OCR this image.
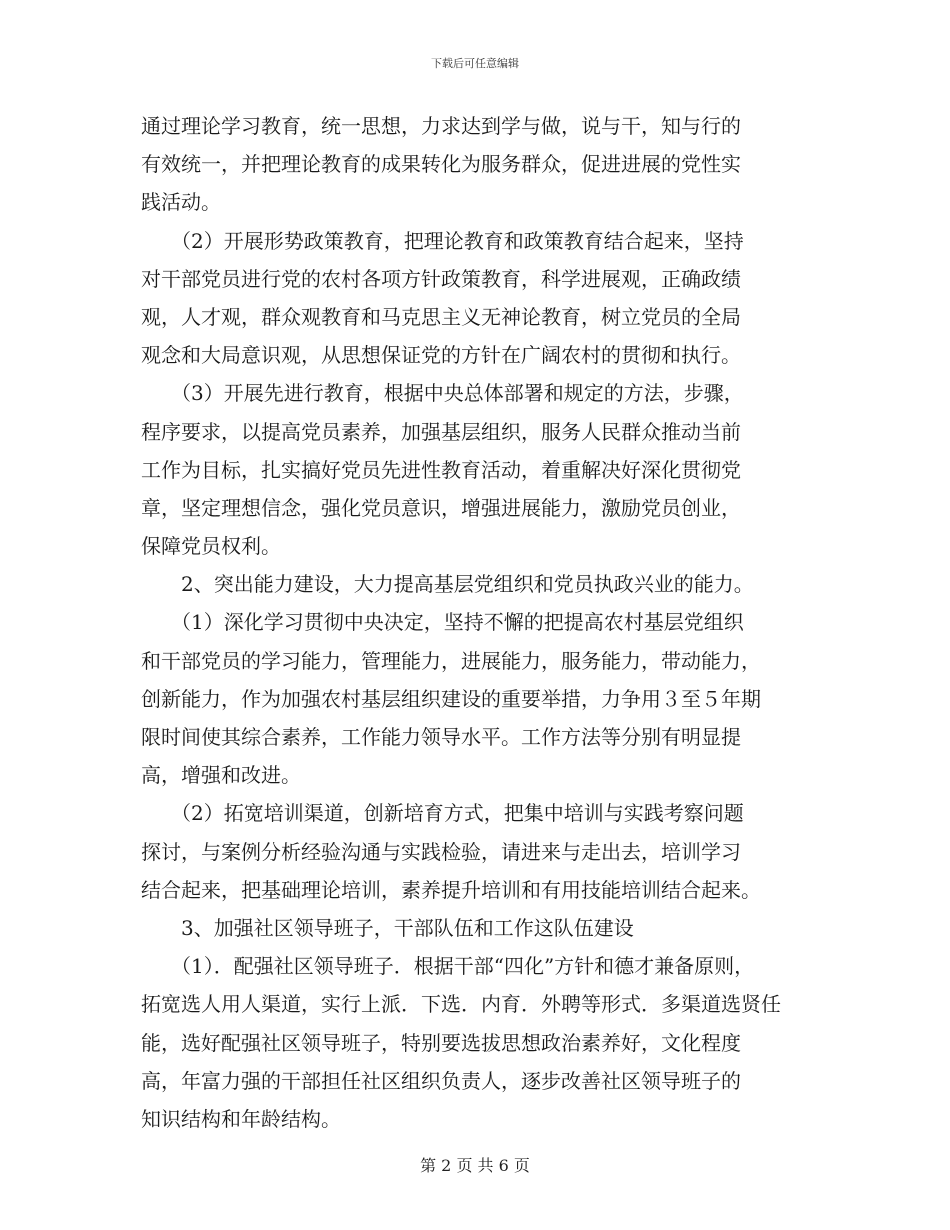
下载后可任意编辑
通过理论学习教育，统一思想，力求达到学与做，说与干，知与行的
有效统一，并把理论教育的成果转化为服务群众，促进进展的党性实
践活动。
　　（2）开展形势政策教育，把理论教育和政策教育结合起来，坚持
对干部党员进行党的农村各项方针政策教育，科学进展观，正确政绩
观，人才观，群众观教育和马克思主义无神论教育，树立党员的全局
观念和大局意识观，从思想保证党的方针在广阔农村的贯彻和执行。
　　（3）开展先进行教育，根据中央总体部署和规定的方法，步骤，
程序要求，以提高党员素养，加强基层组织，服务人民群众推动当前
工作为目标，扎实搞好党员先进性教育活动，着重解决好深化贯彻党
章，坚定理想信念，强化党员意识，增强进展能力，激励党员创业，
保障党员权利。
　　2、突出能力建设，大力提高基层党组织和党员执政兴业的能力。
　　（1）深化学习贯彻中央决定，坚持不懈的把提高农村基层党组织
和干部党员的学习能力，管理能力，进展能力，服务能力，带动能力，
创新能力，作为加强农村基层组织建设的重要举措，力争用３至５年期
限时间使其综合素养，工作能力领导水平。工作方法等分别有明显提
高，增强和改进。
　　（2）拓宽培训渠道，创新培育方式，把集中培训与实践考察问题
探讨，与案例分析经验沟通与实践检验，请进来与走出去，培训学习
结合起来，把基础理论培训，素养提升培训和有用技能培训结合起来。
　　3、加强社区领导班子，干部队伍和工作这队伍建设
　　（1）．配强社区领导班子．根据干部“四化”方针和德才兼备原则，
拓宽选人用人渠道，实行上派．下选．内育．外聘等形式．多渠道选贤任
能，选好配强社区领导班子，特别要选拔思想政治素养好，文化程度
高，年富力强的干部担任社区组织负责人，逐步改善社区领导班子的
知识结构和年龄结构。
第 2 页 共 6 页
